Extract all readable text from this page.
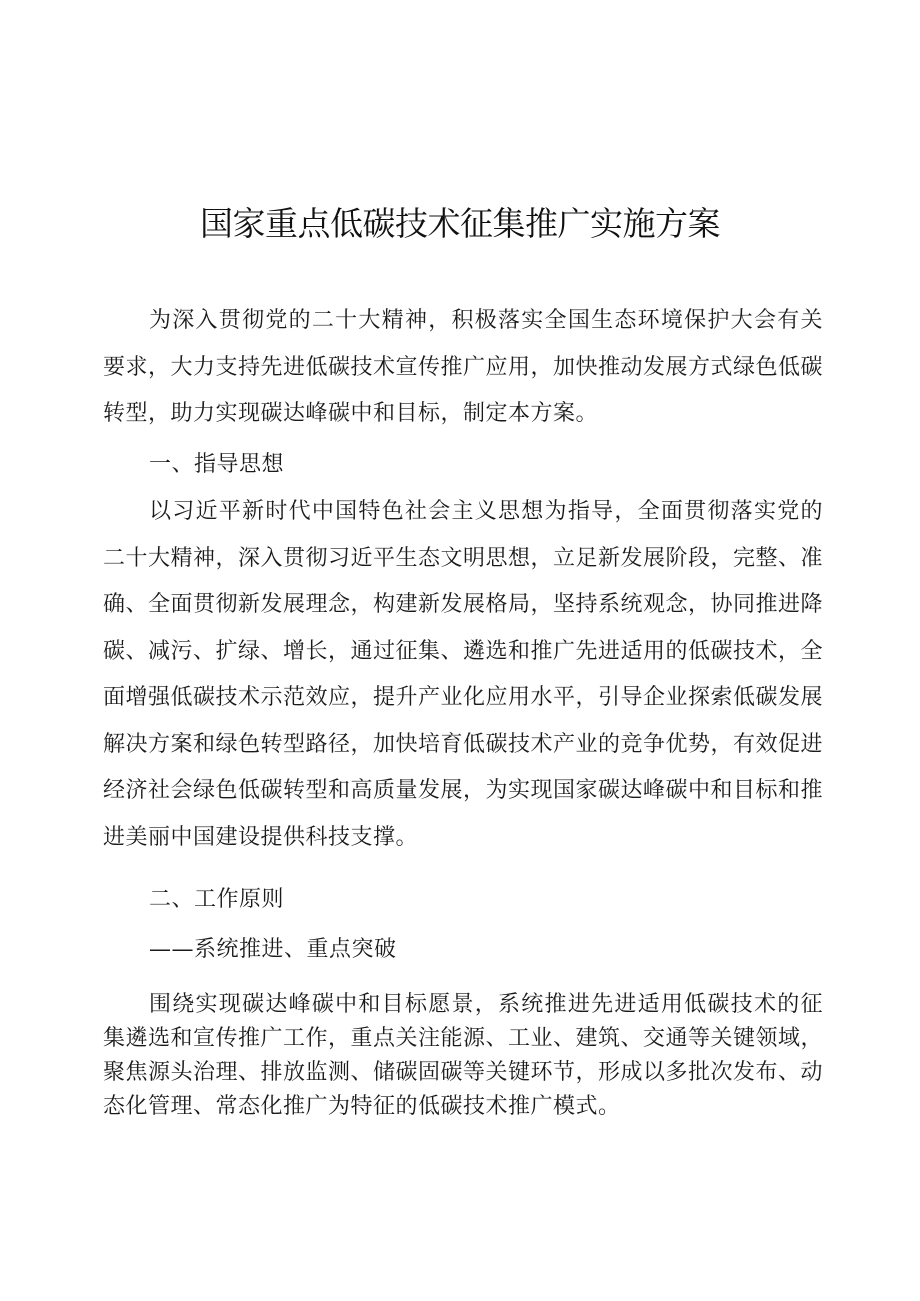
国家重点低碳技术征集推广实施方案

为深入贯彻党的二十大精神，积极落实全国生态环境保护大会有关要求，大力支持先进低碳技术宣传推广应用，加快推动发展方式绿色低碳转型，助力实现碳达峰碳中和目标，制定本方案。

一、指导思想

以习近平新时代中国特色社会主义思想为指导，全面贯彻落实党的二十大精神，深入贯彻习近平生态文明思想，立足新发展阶段，完整、准确、全面贯彻新发展理念，构建新发展格局，坚持系统观念，协同推进降碳、减污、扩绿、增长，通过征集、遴选和推广先进适用的低碳技术，全面增强低碳技术示范效应，提升产业化应用水平，引导企业探索低碳发展解决方案和绿色转型路径，加快培育低碳技术产业的竞争优势，有效促进经济社会绿色低碳转型和高质量发展，为实现国家碳达峰碳中和目标和推进美丽中国建设提供科技支撑。

二、工作原则
——系统推进、重点突破

围绕实现碳达峰碳中和目标愿景，系统推进先进适用低碳技术的征集遴选和宣传推广工作，重点关注能源、工业、建筑、交通等关键领域，聚焦源头治理、排放监测、储碳固碳等关键环节，形成以多批次发布、动态化管理、常态化推广为特征的低碳技术推广模式。
